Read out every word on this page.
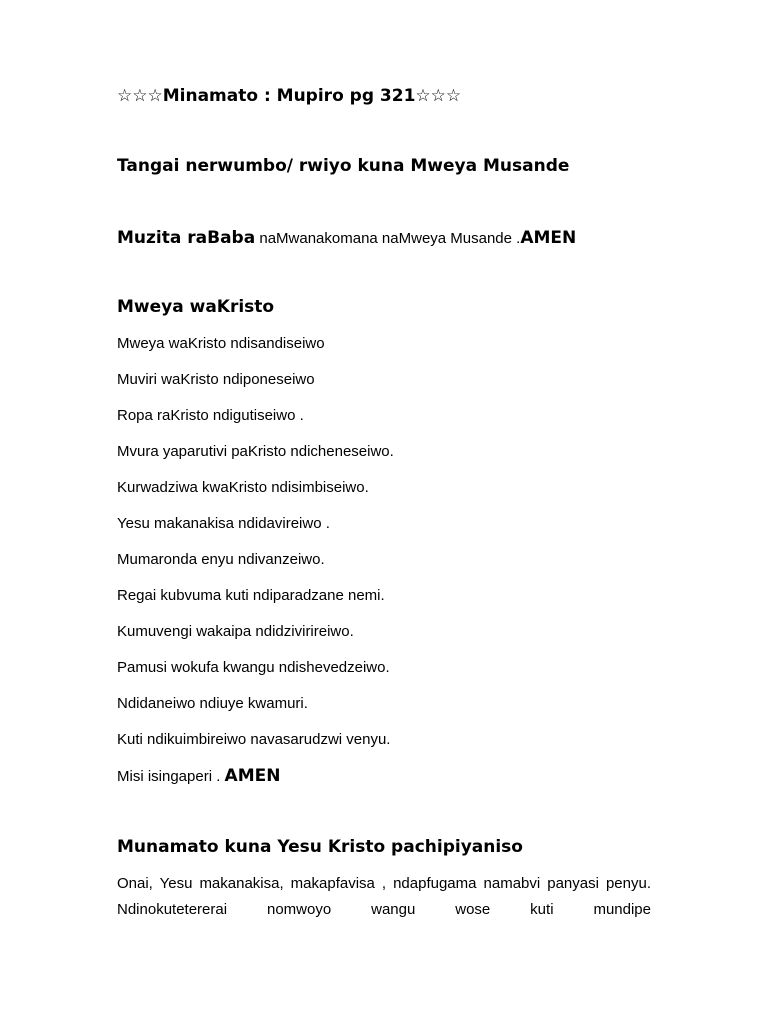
☆☆☆Minamato : Mupiro pg 321☆☆☆
Tangai nerwumbo/ rwiyo kuna Mweya Musande
Muzita raBaba naMwanakomana naMweya Musande .AMEN
Mweya waKristo
Mweya waKristo ndisandiseiwo
Muviri waKristo ndiponeseiwo
Ropa raKristo ndigutiseiwo .
Mvura yaparutivi paKristo ndicheneseiwo.
Kurwadziwa kwaKristo ndisimbiseiwo.
Yesu makanakisa ndidavireiwo .
Mumaronda enyu ndivanzeiwo.
Regai kubvuma kuti ndiparadzane nemi.
Kumuvengi wakaipa ndidzivirireiwo.
Pamusi wokufa kwangu ndishevedzeiwo.
Ndidaneiwo ndiuye kwamuri.
Kuti ndikuimbireiwo navasarudzwi venyu.
Misi isingaperi . AMEN
Munamato kuna Yesu Kristo pachipiyaniso
Onai, Yesu makanakisa, makapfavisa , ndapfugama namabvi panyasi penyu. Ndinokutetererai nomwoyo wangu wose kuti mundipe
